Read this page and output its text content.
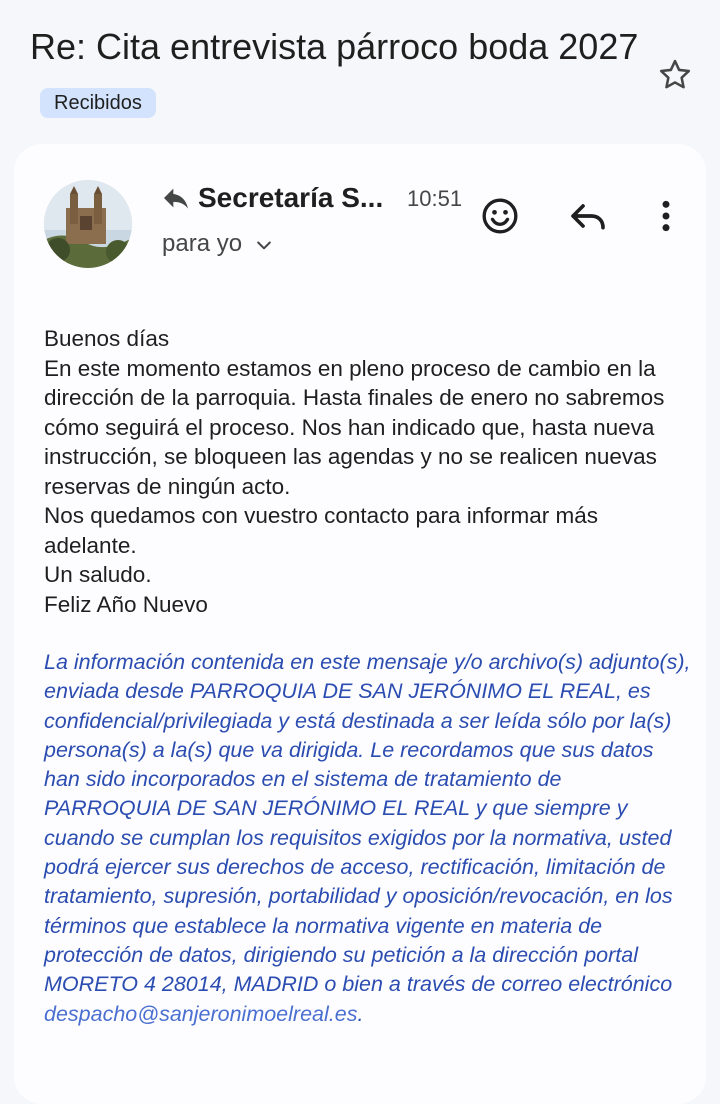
Re: Cita entrevista párroco boda 2027Recibidos
Secretaría S... 10:51
para yo

Buenos días

En este momento estamos en pleno proceso de cambio en la dirección de la parroquia. Hasta finales de enero no sabremos cómo seguirá el proceso. Nos han indicado que, hasta nueva instrucción, se bloqueen las agendas y no se realicen nuevas reservas de ningún acto.

Nos quedamos con vuestro contacto para informar más adelante.

Un saludo.

Feliz Año Nuevo

La información contenida en este mensaje y/o archivo(s) adjunto(s), enviada desde PARROQUIA DE SAN JERÓNIMO EL REAL, es confidencial/privilegiada y está destinada a ser leída sólo por la(s) persona(s) a la(s) que va dirigida. Le recordamos que sus datos han sido incorporados en el sistema de tratamiento de PARROQUIA DE SAN JERÓNIMO EL REAL y que siempre y cuando se cumplan los requisitos exigidos por la normativa, usted podrá ejercer sus derechos de acceso, rectificación, limitación de tratamiento, supresión, portabilidad y oposición/revocación, en los términos que establece la normativa vigente en materia de protección de datos, dirigiendo su petición a la dirección portal MORETO 4 28014, MADRID o bien a través de correo electrónico despacho@sanjeronimoelreal.es.
